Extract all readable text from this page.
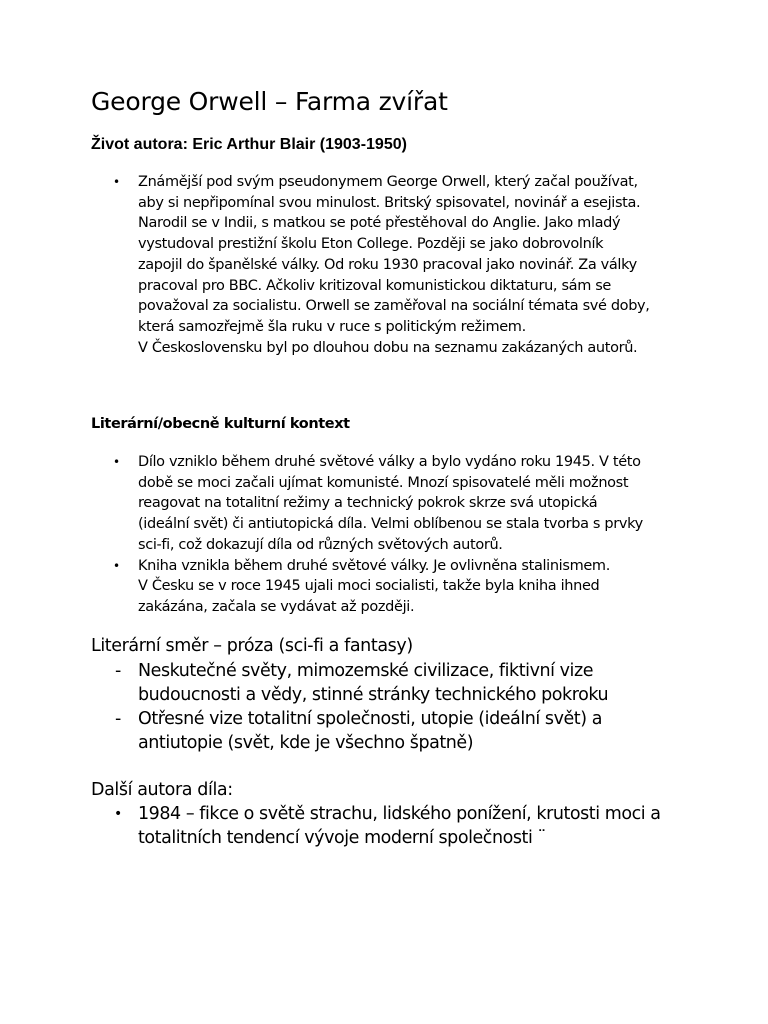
George Orwell – Farma zvířat
Život autora: Eric Arthur Blair (1903-1950)
• Známější pod svým pseudonymem George Orwell, který začal používat,
aby si nepřipomínal svou minulost. Britský spisovatel, novinář a esejista.
Narodil se v Indii, s matkou se poté přestěhoval do Anglie. Jako mladý
vystudoval prestižní školu Eton College. Později se jako dobrovolník
zapojil do španělské války. Od roku 1930 pracoval jako novinář. Za války
pracoval pro BBC. Ačkoliv kritizoval komunistickou diktaturu, sám se
považoval za socialistu. Orwell se zaměřoval na sociální témata své doby,
která samozřejmě šla ruku v ruce s politickým režimem.
V Československu byl po dlouhou dobu na seznamu zakázaných autorů.
Literární/obecně kulturní kontext
• Dílo vzniklo během druhé světové války a bylo vydáno roku 1945. V této
době se moci začali ujímat komunisté. Mnozí spisovatelé měli možnost
reagovat na totalitní režimy a technický pokrok skrze svá utopická
(ideální svět) či antiutopická díla. Velmi oblíbenou se stala tvorba s prvky
sci-fi, což dokazují díla od různých světových autorů.
• Kniha vznikla během druhé světové války. Je ovlivněna stalinismem.
V Česku se v roce 1945 ujali moci socialisti, takže byla kniha ihned
zakázána, začala se vydávat až později.
Literární směr – próza (sci-fi a fantasy)
- Neskutečné světy, mimozemské civilizace, fiktivní vize
budoucnosti a vědy, stinné stránky technického pokroku
- Otřesné vize totalitní společnosti, utopie (ideální svět) a
antiutopie (svět, kde je všechno špatně)
Další autora díla:
• 1984 – fikce o světě strachu, lidského ponížení, krutosti moci a
totalitních tendencí vývoje moderní společnosti ¨
